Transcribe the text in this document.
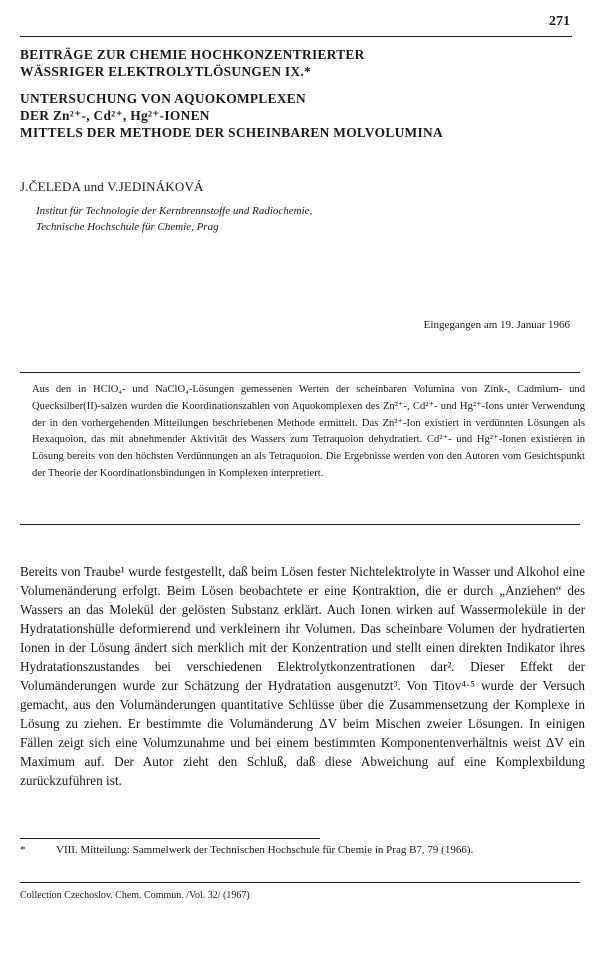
271
BEITRÄGE ZUR CHEMIE HOCHKONZENTRIERTER
WÄSSRIGER ELEKTROLYTLÖSUNGEN IX.*
UNTERSUCHUNG VON AQUOKOMPLEXEN
DER Zn²⁺-, Cd²⁺, Hg²⁺-IONEN
MITTELS DER METHODE DER SCHEINBAREN MOLVOLUMINA
J.ČELEDA und V.JEDINÁKOVÁ
Institut für Technologie der Kernbrennstoffe und Radiochemie,
Technische Hochschule für Chemie, Prag
Eingegangen am 19. Januar 1966
Aus den in HClO₄- und NaClO₄-Lösungen gemessenen Werten der scheinbaren Volumina von Zink-, Cadmium- und Quecksilber(II)-salzen wurden die Koordinationszahlen von Aquokomplexen des Zn²⁺-, Cd²⁺- und Hg²⁺-Ions unter Verwendung der in den vorhergehenden Mitteilungen beschriebenen Methode ermittelt. Das Zn²⁺-Ion existiert in verdünnten Lösungen als Hexaquoion, das mit abnehmender Aktivität des Wassers zum Tetraquoion dehydratiert. Cd²⁺- und Hg²⁺-Ionen existieren in Lösung bereits von den höchsten Verdünnungen an als Tetraquoion. Die Ergebnisse werden von den Autoren vom Gesichtspunkt der Theorie der Koordinationsbindungen in Komplexen interpretiert.
Bereits von Traube¹ wurde festgestellt, daß beim Lösen fester Nichtelektrolyte in Wasser und Alkohol eine Volumenänderung erfolgt. Beim Lösen beobachtete er eine Kontraktion, die er durch „Anziehen“ des Wassers an das Molekül der gelösten Substanz erklärt. Auch Ionen wirken auf Wassermoleküle in der Hydratationshülle deformierend und verkleinern ihr Volumen. Das scheinbare Volumen der hydratierten Ionen in der Lösung ändert sich merklich mit der Konzentration und stellt einen direkten Indikator ihres Hydratationszustandes bei verschiedenen Elektrolytkonzentrationen dar². Dieser Effekt der Volumänderungen wurde zur Schätzung der Hydratation ausgenutzt³. Von Titov⁴·⁵ wurde der Versuch gemacht, aus den Volumänderungen quantitative Schlüsse über die Zusammensetzung der Komplexe in Lösung zu ziehen. Er bestimmte die Volumänderung ΔV beim Mischen zweier Lösungen. In einigen Fällen zeigt sich eine Volumzunahme und bei einem bestimmten Komponentenverhältnis weist ΔV ein Maximum auf. Der Autor zieht den Schluß, daß diese Abweichung auf eine Komplexbildung zurückzuführen ist.
*	VIII. Mitteilung: Sammelwerk der Technischen Hochschule für Chemie in Prag B7, 79 (1966).
Collection Czechoslov. Chem. Commun. /Vol. 32/ (1967)
